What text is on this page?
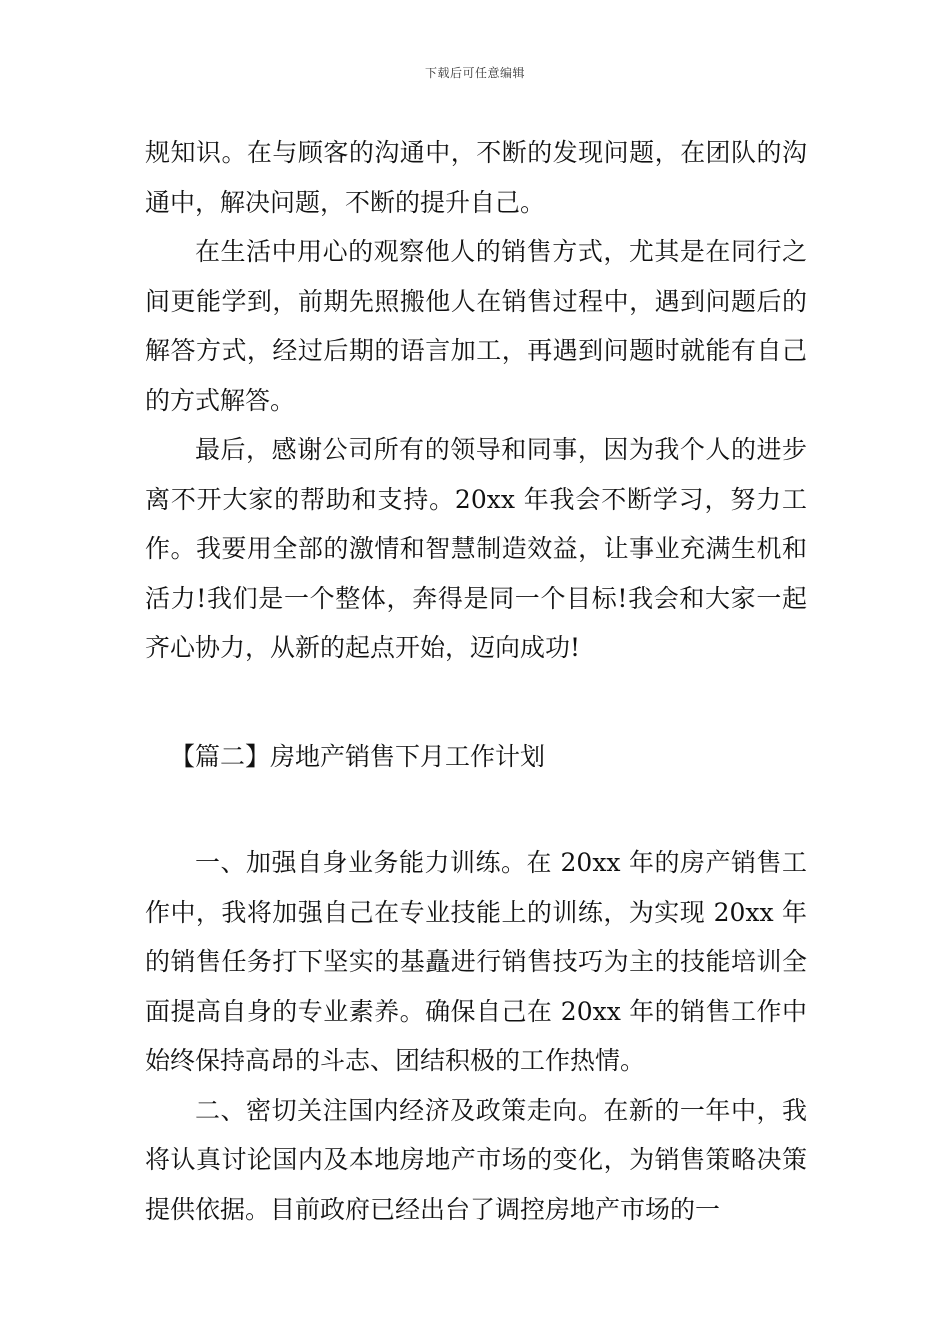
下载后可任意编辑

规知识。在与顾客的沟通中，不断的发现问题，在团队的沟通中，解决问题，不断的提升自己。

在生活中用心的观察他人的销售方式，尤其是在同行之间更能学到，前期先照搬他人在销售过程中，遇到问题后的解答方式，经过后期的语言加工，再遇到问题时就能有自己的方式解答。

最后，感谢公司所有的领导和同事，因为我个人的进步离不开大家的帮助和支持。20xx 年我会不断学习，努力工作。我要用全部的激情和智慧制造效益，让事业充满生机和活力!我们是一个整体，奔得是同一个目标!我会和大家一起齐心协力，从新的起点开始，迈向成功!

【篇二】房地产销售下月工作计划

一、加强自身业务能力训练。在 20xx 年的房产销售工作中，我将加强自己在专业技能上的训练，为实现 20xx 年的销售任务打下坚实的基矗进行销售技巧为主的技能培训全面提高自身的专业素养。确保自己在 20xx 年的销售工作中始终保持高昂的斗志、团结积极的工作热情。

二、密切关注国内经济及政策走向。在新的一年中，我将认真讨论国内及本地房地产市场的变化，为销售策略决策提供依据。目前政府已经出台了调控房地产市场的一
